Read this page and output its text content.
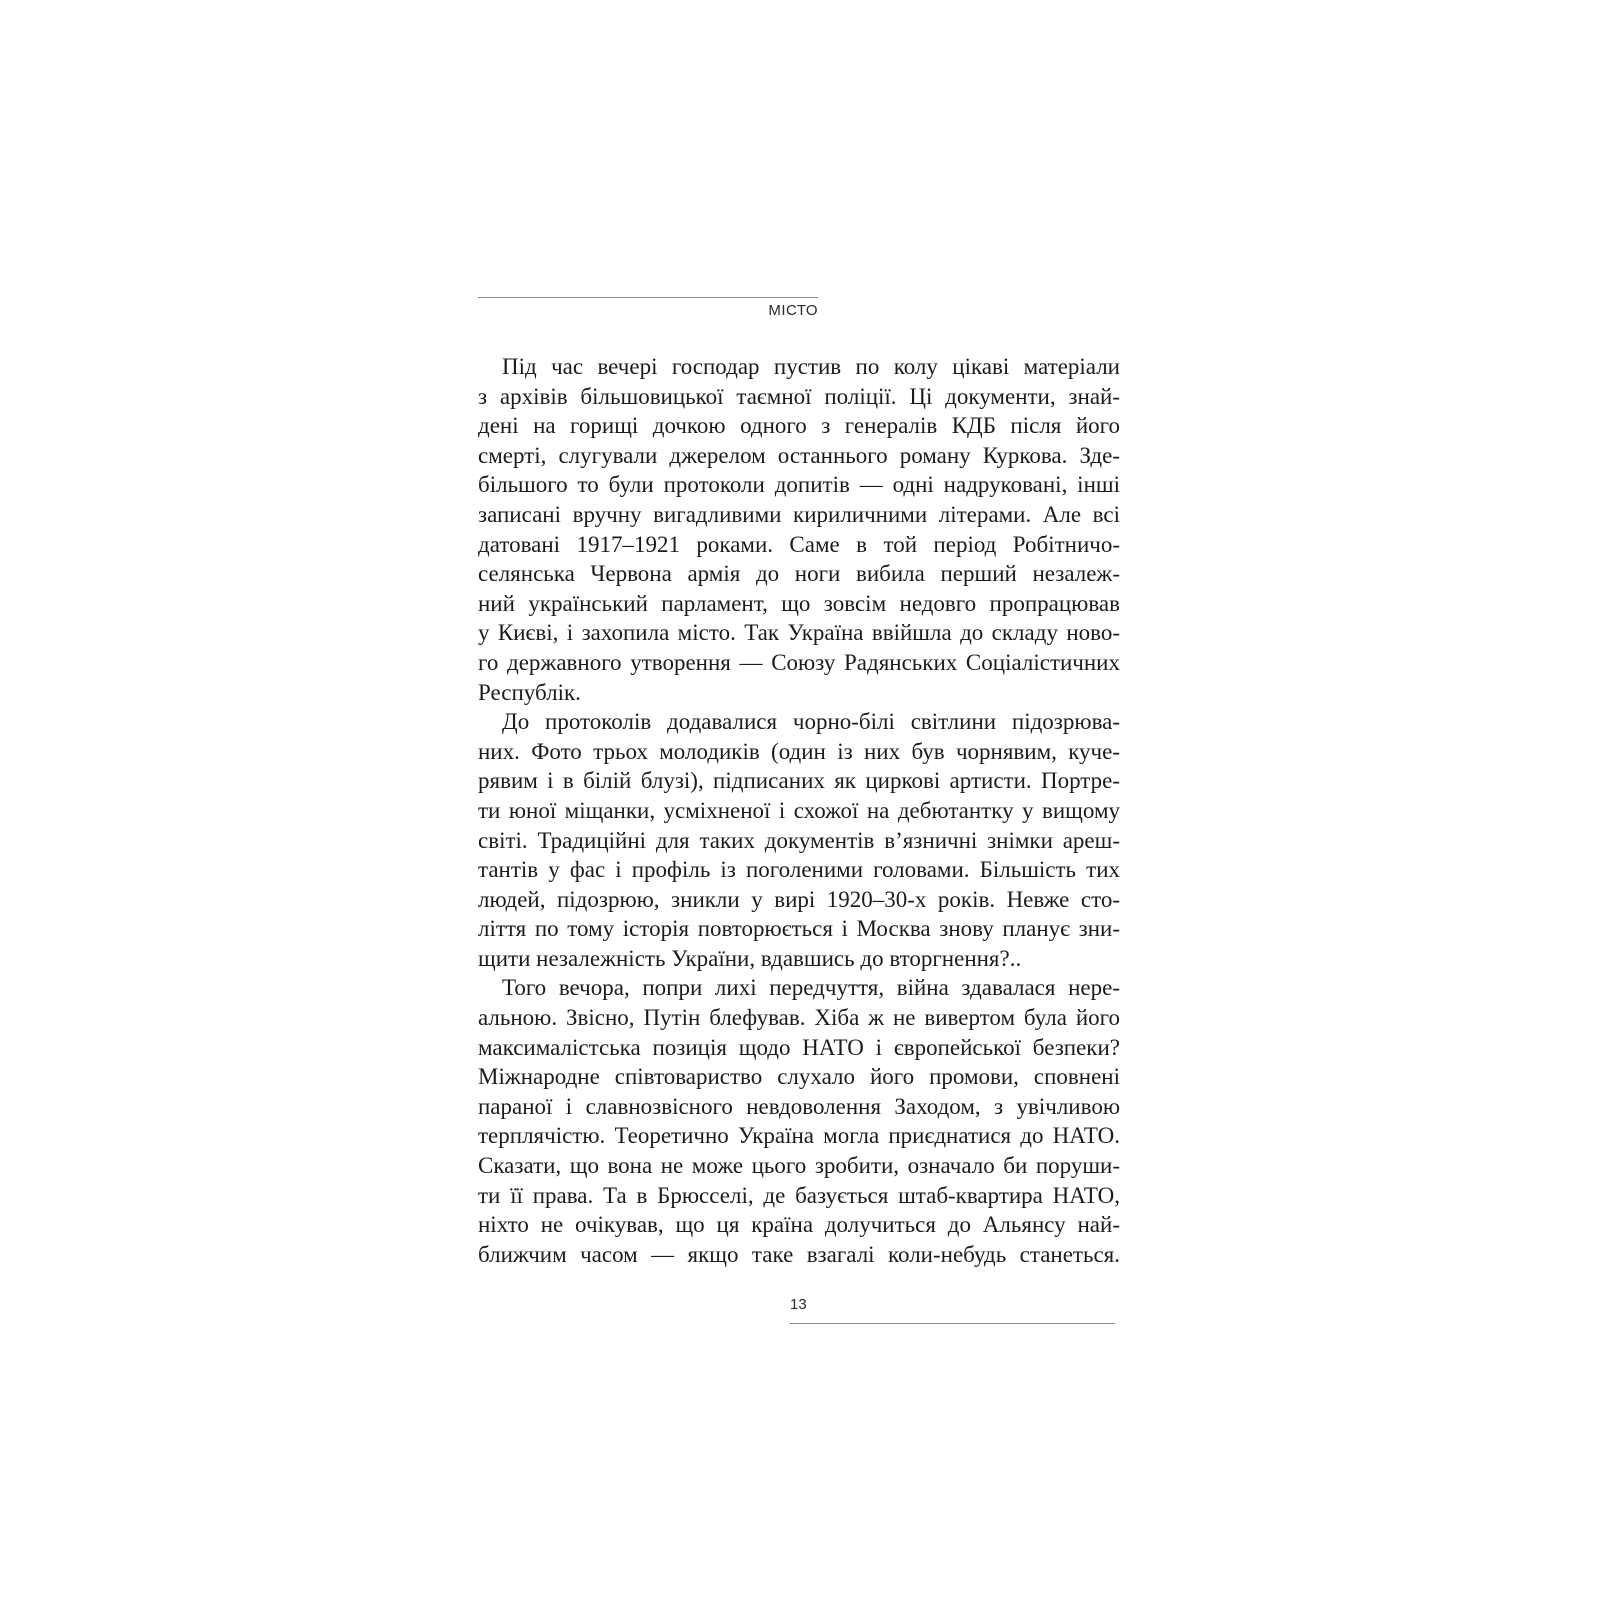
МІСТО
Під час вечері господар пустив по колу цікаві матеріали
з архівів більшовицької таємної поліції. Ці документи, знай-
дені на горищі дочкою одного з генералів КДБ після його
смерті, слугували джерелом останнього роману Куркова. Зде-
більшого то були протоколи допитів — одні надруковані, інші
записані вручну вигадливими кириличними літерами. Але всі
датовані 1917–1921 роками. Саме в той період Робітничо-
селянська Червона армія до ноги вибила перший незалеж-
ний український парламент, що зовсім недовго пропрацював
у Києві, і захопила місто. Так Україна ввійшла до складу ново-
го державного утворення — Союзу Радянських Соціалістичних
Республік.
До протоколів додавалися чорно-білі світлини підозрюва-
них. Фото трьох молодиків (один із них був чорнявим, куче-
рявим і в білій блузі), підписаних як циркові артисти. Портре-
ти юної міщанки, усміхненої і схожої на дебютантку у вищому
світі. Традиційні для таких документів в’язничні знімки ареш-
тантів у фас і профіль із поголеними головами. Більшість тих
людей, підозрюю, зникли у вирі 1920–30-х років. Невже сто-
ліття по тому історія повторюється і Москва знову планує зни-
щити незалежність України, вдавшись до вторгнення?..
Того вечора, попри лихі передчуття, війна здавалася нере-
альною. Звісно, Путін блефував. Хіба ж не вивертом була його
максималістська позиція щодо НАТО і європейської безпеки?
Міжнародне співтовариство слухало його промови, сповнені
параної і славнозвісного невдоволення Заходом, з увічливою
терплячістю. Теоретично Україна могла приєднатися до НАТО.
Сказати, що вона не може цього зробити, означало би поруши-
ти її права. Та в Брюсселі, де базується штаб-квартира НАТО,
ніхто не очікував, що ця країна долучиться до Альянсу най-
ближчим часом — якщо таке взагалі коли-небудь станеться.
13
